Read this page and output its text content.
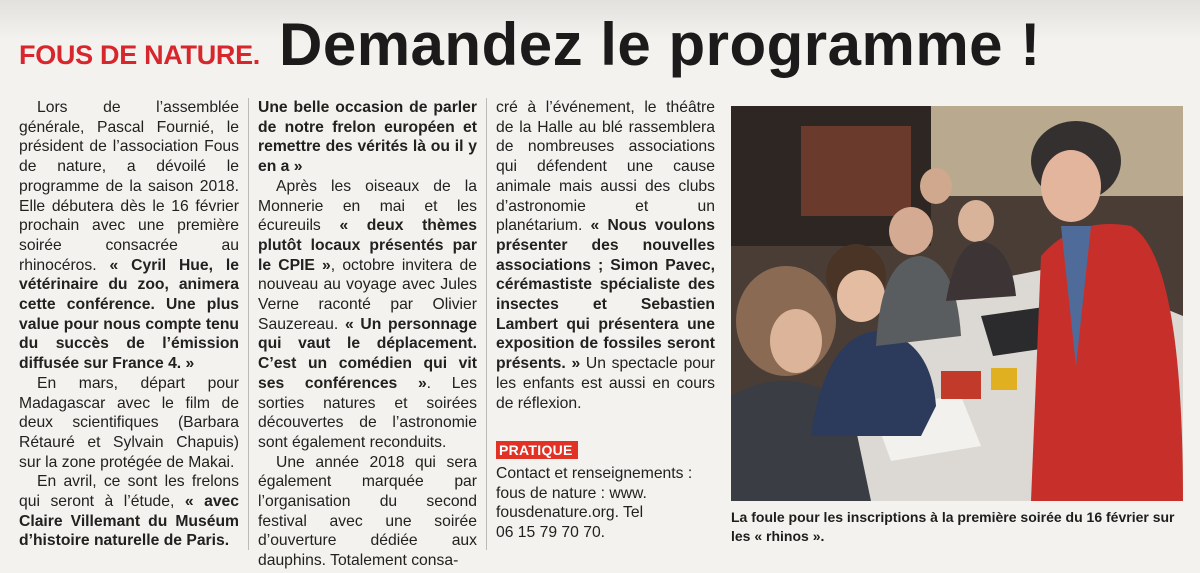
FOUS DE NATURE. Demandez le programme !

Lors de l’assemblée générale, Pascal Fournié, le président de l’association Fous de nature, a dévoilé le programme de la saison 2018. Elle débutera dès le 16 février prochain avec une première soirée consacrée au rhinocéros. « Cyril Hue, le vétérinaire du zoo, animera cette conférence. Une plus value pour nous compte tenu du succès de l’émission diffusée sur France 4. »

En mars, départ pour Madagascar avec le film de deux scientifiques (Barbara Rétauré et Sylvain Chapuis) sur la zone protégée de Makai.

En avril, ce sont les frelons qui seront à l’étude, « avec Claire Villemant du Muséum d’histoire naturelle de Paris.

Une belle occasion de parler de notre frelon européen et remettre des vérités là ou il y en a »

Après les oiseaux de la Monnerie en mai et les écureuils « deux thèmes plutôt locaux présentés par le CPIE », octobre invitera de nouveau au voyage avec Jules Verne raconté par Olivier Sauzereau. « Un personnage qui vaut le déplacement. C’est un comédien qui vit ses conférences ». Les sorties natures et soirées découvertes de l’astronomie sont également reconduits.

Une année 2018 qui sera également marquée par l’organisation du second festival avec une soirée d’ouverture dédiée aux dauphins. Totalement consa-

cré à l’événement, le théâtre de la Halle au blé rassemblera de nombreuses associations qui défendent une cause animale mais aussi des clubs d’astronomie et un planétarium. « Nous voulons présenter des nouvelles associations ; Simon Pavec, cérémastiste spécialiste des insectes et Sebastien Lambert qui présentera une exposition de fossiles seront présents. » Un spectacle pour les enfants est aussi en cours de réflexion.

PRATIQUE
Contact et renseignements :
fous de nature : www.
fousdenature.org. Tel
06 15 79 70 70.
La foule pour les inscriptions à la première soirée du 16 février sur les « rhinos ».
